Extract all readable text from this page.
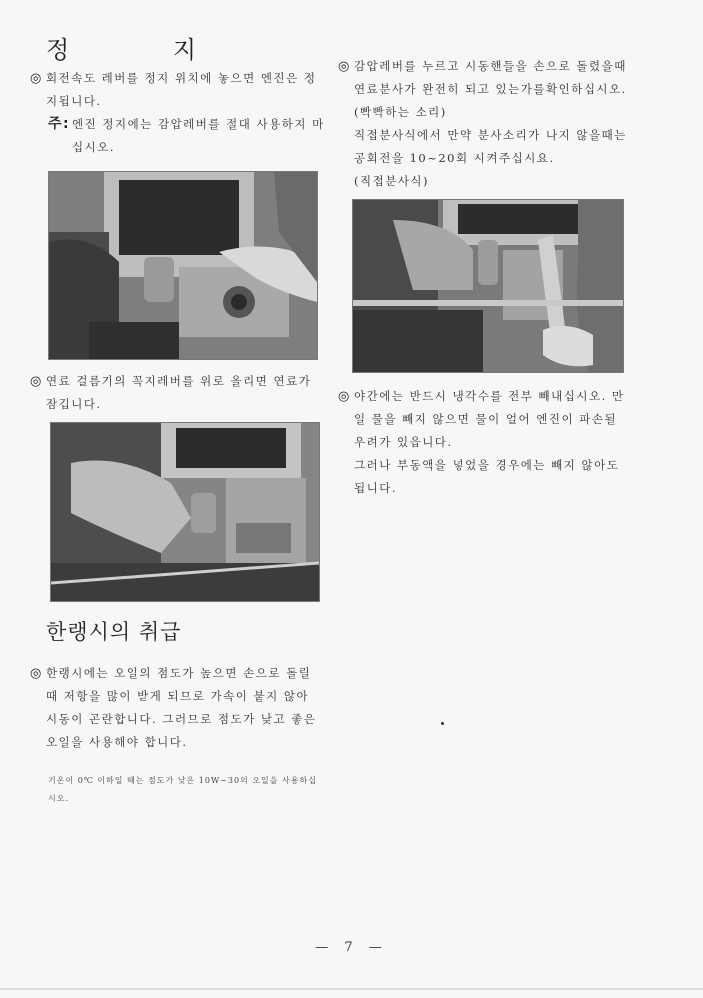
정 지
◎ 회전속도 레버를 정지 위치에 놓으면 엔진은 정지됩니다.
주: 엔진 정지에는 감압레버를 절대 사용하지 마십시오.
◎ 연료 걸름기의 꼭지레버를 위로 올리면 연료가 잠깁니다.
한랭시의 취급
◎ 한랭시에는 오일의 점도가 높으면 손으로 돌릴 때 저항을 많이 받게 되므로 가속이 붙지 않아 시동이 곤란합니다. 그러므로 점도가 낮고 좋은 오일을 사용해야 합니다.
기온이 0℃ 이하일 때는 점도가 낮은 10W~30의 오일을 사용하십시오.
◎ 감압레버를 누르고 시동핸들을 손으로 돌렸을때 연료분사가 완전히 되고 있는가를확인하십시오. (빡빡하는 소리)
직접분사식에서 만약 분사소리가 나지 않을때는 공회전을 10~20회 시켜주십시요.
(직접분사식)
◎ 야간에는 반드시 냉각수를 전부 빼내십시오. 만일 물을 빼지 않으면 물이 얼어 엔진이 파손될 우려가 있읍니다.
그러나 부동액을 넣었을 경우에는 빼지 않아도 됩니다.
— 7 —
